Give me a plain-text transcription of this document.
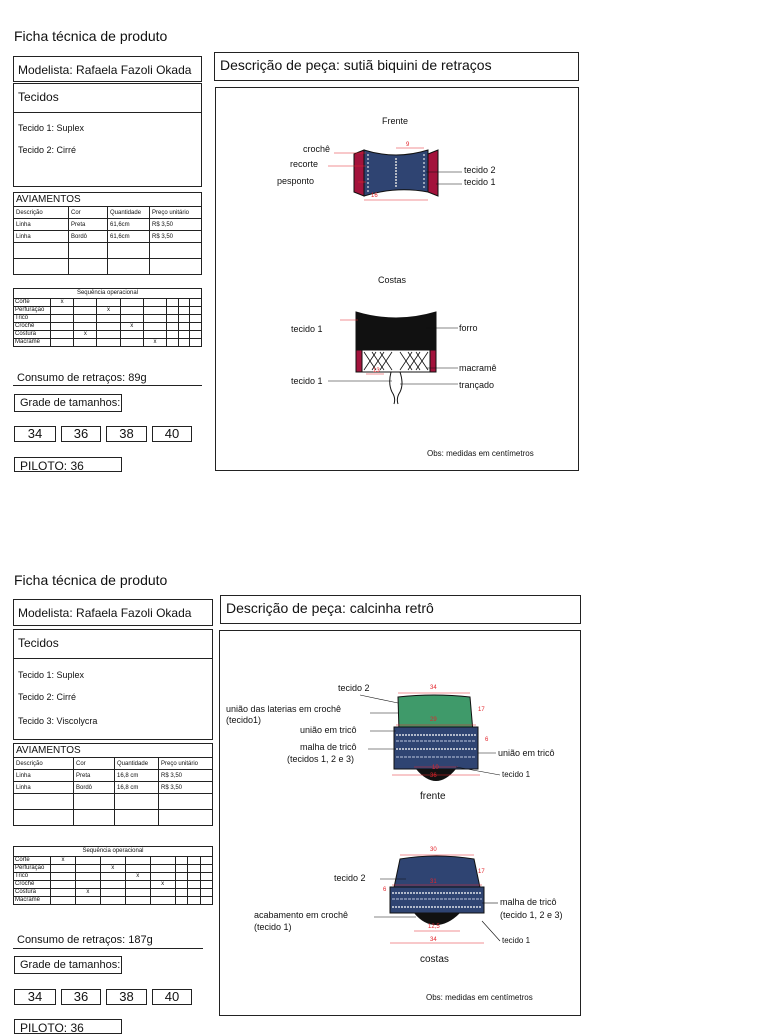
Ficha técnica de produto
Modelista: Rafaela Fazoli Okada	Descrição de peça: sutiã biquini de retraços
Tecidos
Tecido 1: Suplex
Tecido 2: Cirré
AVIAMENTOS			
Descrição	Cor	Quantidade	Preço unitário
Linha	Preta	61,6cm	R$ 3,50
Linha	Bordô	61,6cm	R$ 3,50

Sequência operacional								
Corte	x							
Perfuração			x					
Tricô								
Crochê				x				
Costura		x						
Macramê					x			
Consumo de retraços: 89g
Grade de tamanhos:
34	36	38	40
PILOTO: 36
Frente
crochê
recorte
pesponto
tecido 2
tecido 1
9
16
Costas
tecido 1	forro
macramê
tecido 1	trançado
13
Obs: medidas em centímetros
Ficha técnica de produto
Modelista: Rafaela Fazoli Okada	Descrição de peça: calcinha retrô
Tecidos
Tecido 1: Suplex
Tecido 2: Cirré
Tecido 3: Viscolycra
AVIAMENTOS			
Descrição	Cor	Quantidade	Preço unitário
Linha	Preta	16,8 cm	R$ 3,50
Linha	Bordô	16,8 cm	R$ 3,50

Sequência operacional								
Corte	x							
Perfuração			x					
Tricô				x				
Crochê					x			
Costura		x						
Macramê								
Consumo de retraços: 187g
Grade de tamanhos:
34	36	38	40
PILOTO: 36
tecido 2
união das laterias em crochê
(tecido1)
união em tricô
malha de tricô
(tecidos 1, 2 e 3)
união em tricô
tecido 1
frente
34
17
29
6
10
36
tecido 2
malha de tricô
(tecido 1, 2 e 3)
acabamento em crochê
(tecido 1)
tecido 1
costas
30
17
31
6
12,5
34
Obs: medidas em centímetros
